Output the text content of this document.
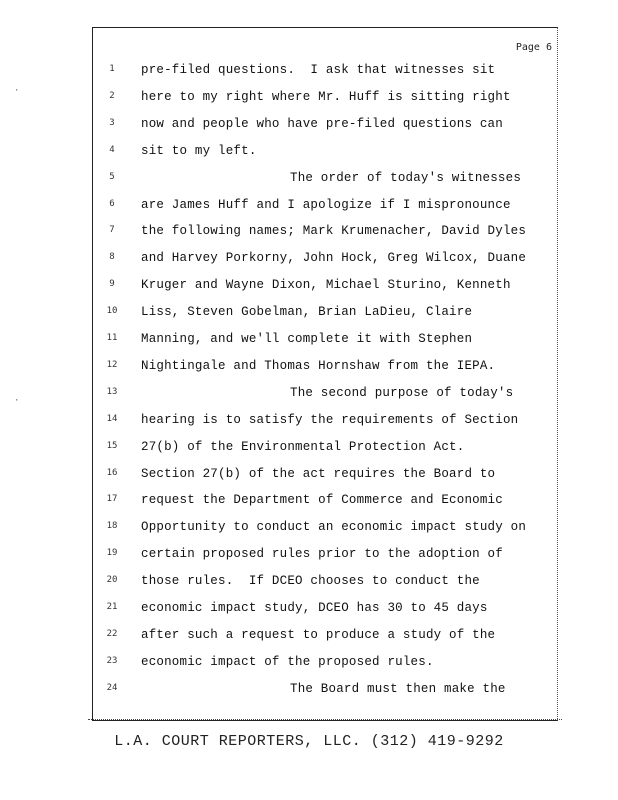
Page 6
1	pre-filed questions.  I ask that witnesses sit
2	here to my right where Mr. Huff is sitting right
3	now and people who have pre-filed questions can
4	sit to my left.
5	The order of today's witnesses
6	are James Huff and I apologize if I mispronounce
7	the following names; Mark Krumenacher, David Dyles
8	and Harvey Porkorny, John Hock, Greg Wilcox, Duane
9	Kruger and Wayne Dixon, Michael Sturino, Kenneth
10	Liss, Steven Gobelman, Brian LaDieu, Claire
11	Manning, and we'll complete it with Stephen
12	Nightingale and Thomas Hornshaw from the IEPA.
13	The second purpose of today's
14	hearing is to satisfy the requirements of Section
15	27(b) of the Environmental Protection Act.
16	Section 27(b) of the act requires the Board to
17	request the Department of Commerce and Economic
18	Opportunity to conduct an economic impact study on
19	certain proposed rules prior to the adoption of
20	those rules.  If DCEO chooses to conduct the
21	economic impact study, DCEO has 30 to 45 days
22	after such a request to produce a study of the
23	economic impact of the proposed rules.
24	The Board must then make the
L.A. COURT REPORTERS, LLC. (312) 419-9292
·
·
